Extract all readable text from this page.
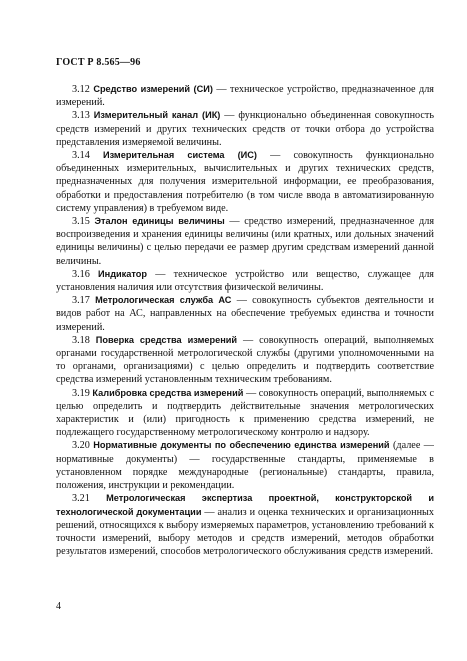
ГОСТ Р 8.565—96

3.12 Средство измерений (СИ) — техническое устройство, предназначенное для измерений.

3.13 Измерительный канал (ИК) — функционально объединенная совокупность средств измерений и других технических средств от точки отбора до устройства представления измеряемой величины.

3.14 Измерительная система (ИС) — совокупность функционально объединенных измерительных, вычислительных и других технических средств, предназначенных для получения измерительной информации, ее преобразования, обработки и предоставления потребителю (в том числе ввода в автоматизированную систему управления) в требуемом виде.

3.15 Эталон единицы величины — средство измерений, предназначенное для воспроизведения и хранения единицы величины (или кратных, или дольных значений единицы величины) с целью передачи ее размер другим средствам измерений данной величины.

3.16 Индикатор — техническое устройство или вещество, служащее для установления наличия или отсутствия физической величины.

3.17 Метрологическая служба АС — совокупность субъектов деятельности и видов работ на АС, направленных на обеспечение требуемых единства и точности измерений.

3.18 Поверка средства измерений — совокупность операций, выполняемых органами государственной метрологической службы (другими уполномоченными на то органами, организациями) с целью определить и подтвердить соответствие средства измерений установленным техническим требованиям.

3.19 Калибровка средства измерений — совокупность операций, выполняемых с целью определить и подтвердить действительные значения метрологических характеристик и (или) пригодность к применению средства измерений, не подлежащего государственному метрологическому контролю и надзору.

3.20 Нормативные документы по обеспечению единства измерений (далее — нормативные документы) — государственные стандарты, применяемые в установленном порядке международные (региональные) стандарты, правила, положения, инструкции и рекомендации.

3.21 Метрологическая экспертиза проектной, конструкторской и технологической документации — анализ и оценка технических и организационных решений, относящихся к выбору измеряемых параметров, установлению требований к точности измерений, выбору методов и средств измерений, методов обработки результатов измерений, способов метрологического обслуживания средств измерений.

4
